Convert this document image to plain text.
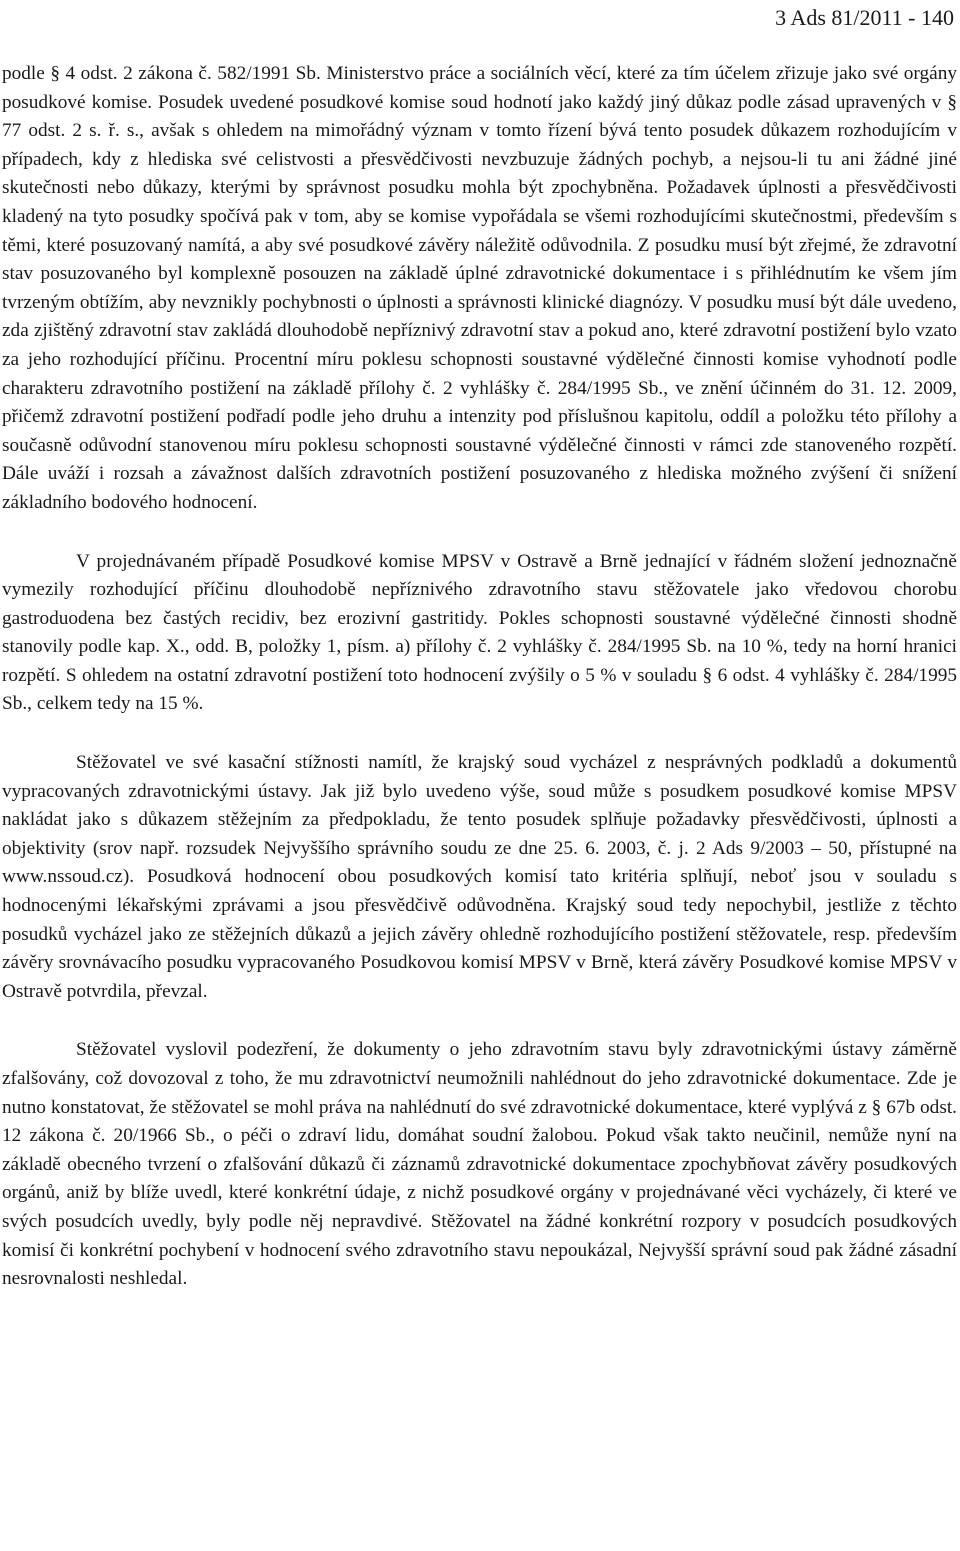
3 Ads 81/2011 - 140

podle § 4 odst. 2 zákona č. 582/1991 Sb. Ministerstvo práce a sociálních věcí, které za tím účelem zřizuje jako své orgány posudkové komise. Posudek uvedené posudkové komise soud hodnotí jako každý jiný důkaz podle zásad upravených v § 77 odst. 2 s. ř. s., avšak s ohledem na mimořádný význam v tomto řízení bývá tento posudek důkazem rozhodujícím v případech, kdy z hlediska své celistvosti a přesvědčivosti nevzbuzuje žádných pochyb, a nejsou-li tu ani žádné jiné skutečnosti nebo důkazy, kterými by správnost posudku mohla být zpochybněna. Požadavek úplnosti a přesvědčivosti kladený na tyto posudky spočívá pak v tom, aby se komise vypořádala se všemi rozhodujícími skutečnostmi, především s těmi, které posuzovaný namítá, a aby své posudkové závěry náležitě odůvodnila. Z posudku musí být zřejmé, že zdravotní stav posuzovaného byl komplexně posouzen na základě úplné zdravotnické dokumentace i s přihlédnutím ke všem jím tvrzeným obtížím, aby nevznikly pochybnosti o úplnosti a správnosti klinické diagnózy. V posudku musí být dále uvedeno, zda zjištěný zdravotní stav zakládá dlouhodobě nepříznivý zdravotní stav a pokud ano, které zdravotní postižení bylo vzato za jeho rozhodující příčinu. Procentní míru poklesu schopnosti soustavné výdělečné činnosti komise vyhodnotí podle charakteru zdravotního postižení na základě přílohy č. 2 vyhlášky č. 284/1995 Sb., ve znění účinném do 31. 12. 2009, přičemž zdravotní postižení podřadí podle jeho druhu a intenzity pod příslušnou kapitolu, oddíl a položku této přílohy a současně odůvodní stanovenou míru poklesu schopnosti soustavné výdělečné činnosti v rámci zde stanoveného rozpětí. Dále uváží i rozsah a závažnost dalších zdravotních postižení posuzovaného z hlediska možného zvýšení či snížení základního bodového hodnocení.

V projednávaném případě Posudkové komise MPSV v Ostravě a Brně jednající v řádném složení jednoznačně vymezily rozhodující příčinu dlouhodobě nepříznivého zdravotního stavu stěžovatele jako vředovou chorobu gastroduodena bez častých recidiv, bez erozivní gastritidy. Pokles schopnosti soustavné výdělečné činnosti shodně stanovily podle kap. X., odd. B, položky 1, písm. a) přílohy č. 2 vyhlášky č. 284/1995 Sb. na 10 %, tedy na horní hranici rozpětí. S ohledem na ostatní zdravotní postižení toto hodnocení zvýšily o 5 % v souladu § 6 odst. 4 vyhlášky č. 284/1995 Sb., celkem tedy na 15 %.

Stěžovatel ve své kasační stížnosti namítl, že krajský soud vycházel z nesprávných podkladů a dokumentů vypracovaných zdravotnickými ústavy. Jak již bylo uvedeno výše, soud může s posudkem posudkové komise MPSV nakládat jako s důkazem stěžejním za předpokladu, že tento posudek splňuje požadavky přesvědčivosti, úplnosti a objektivity (srov např. rozsudek Nejvyššího správního soudu ze dne 25. 6. 2003, č. j. 2 Ads 9/2003 – 50, přístupné na www.nssoud.cz). Posudková hodnocení obou posudkových komisí tato kritéria splňují, neboť jsou v souladu s hodnocenými lékařskými zprávami a jsou přesvědčivě odůvodněna. Krajský soud tedy nepochybil, jestliže z těchto posudků vycházel jako ze stěžejních důkazů a jejich závěry ohledně rozhodujícího postižení stěžovatele, resp. především závěry srovnávacího posudku vypracovaného Posudkovou komisí MPSV v Brně, která závěry Posudkové komise MPSV v Ostravě potvrdila, převzal.

Stěžovatel vyslovil podezření, že dokumenty o jeho zdravotním stavu byly zdravotnickými ústavy záměrně zfalšovány, což dovozoval z toho, že mu zdravotnictví neumožnili nahlédnout do jeho zdravotnické dokumentace. Zde je nutno konstatovat, že stěžovatel se mohl práva na nahlédnutí do své zdravotnické dokumentace, které vyplývá z § 67b odst. 12 zákona č. 20/1966 Sb., o péči o zdraví lidu, domáhat soudní žalobou. Pokud však takto neučinil, nemůže nyní na základě obecného tvrzení o zfalšování důkazů či záznamů zdravotnické dokumentace zpochybňovat závěry posudkových orgánů, aniž by blíže uvedl, které konkrétní údaje, z nichž posudkové orgány v projednávané věci vycházely, či které ve svých posudcích uvedly, byly podle něj nepravdivé. Stěžovatel na žádné konkrétní rozpory v posudcích posudkových komisí či konkrétní pochybení v hodnocení svého zdravotního stavu nepoukázal, Nejvyšší správní soud pak žádné zásadní nesrovnalosti neshledal.
